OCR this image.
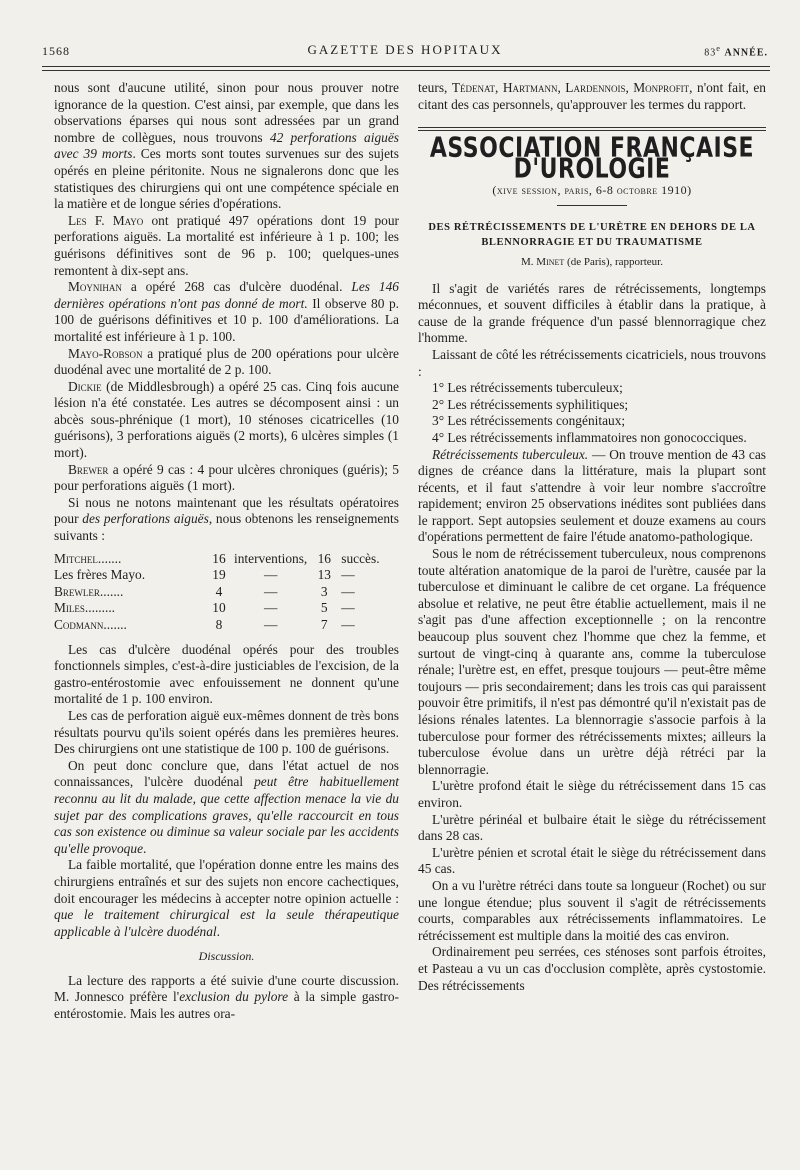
1568	GAZETTE DES HOPITAUX	83e ANNÉE.

nous sont d'aucune utilité, sinon pour nous prouver notre ignorance de la question. C'est ainsi, par exemple, que dans les observations éparses qui nous sont adressées par un grand nombre de collègues, nous trouvons 42 perforations aiguës avec 39 morts. Ces morts sont toutes survenues sur des sujets opérés en pleine péritonite. Nous ne signalerons donc que les statistiques des chirurgiens qui ont une compétence spéciale en la matière et de longue séries d'opérations.

Les F. Mayo ont pratiqué 497 opérations dont 19 pour perforations aiguës. La mortalité est inférieure à 1 p. 100; les guérisons définitives sont de 96 p. 100; quelques-unes remontent à dix-sept ans.

Moynihan a opéré 268 cas d'ulcère duodénal. Les 146 dernières opérations n'ont pas donné de mort. Il observe 80 p. 100 de guérisons définitives et 10 p. 100 d'améliorations. La mortalité est inférieure à 1 p. 100.

Mayo-Robson a pratiqué plus de 200 opérations pour ulcère duodénal avec une mortalité de 2 p. 100.

Dickie (de Middlesbrough) a opéré 25 cas. Cinq fois aucune lésion n'a été constatée. Les autres se décomposent ainsi : un abcès sous-phrénique (1 mort), 10 sténoses cicatricelles (10 guérisons), 3 perforations aiguës (2 morts), 6 ulcères simples (1 mort).

Brewer a opéré 9 cas : 4 pour ulcères chroniques (guéris); 5 pour perforations aiguës (1 mort).

Si nous ne notons maintenant que les résultats opératoires pour des perforations aiguës, nous obtenons les renseignements suivants :

Mitchel.......	16	interventions,	16	succès.
Les frères Mayo.	19	—	13	—
Brewler.......	4	—	3	—
Miles.........	10	—	5	—
Codmann.......	8	—	7	—

Les cas d'ulcère duodénal opérés pour des troubles fonctionnels simples, c'est-à-dire justiciables de l'excision, de la gastro-entérostomie avec enfouissement ne donnent qu'une mortalité de 1 p. 100 environ.

Les cas de perforation aiguë eux-mêmes donnent de très bons résultats pourvu qu'ils soient opérés dans les premières heures. Des chirurgiens ont une statistique de 100 p. 100 de guérisons.

On peut donc conclure que, dans l'état actuel de nos connaissances, l'ulcère duodénal peut être habituellement reconnu au lit du malade, que cette affection menace la vie du sujet par des complications graves, qu'elle raccourcit en tous cas son existence ou diminue sa valeur sociale par les accidents qu'elle provoque.

La faible mortalité, que l'opération donne entre les mains des chirurgiens entraînés et sur des sujets non encore cachectiques, doit encourager les médecins à accepter notre opinion actuelle : que le traitement chirurgical est la seule thérapeutique applicable à l'ulcère duodénal.

Discussion.

La lecture des rapports a été suivie d'une courte discussion. M. Jonnesco préfère l'exclusion du pylore à la simple gastro-entérostomie. Mais les autres ora-

teurs, Tédenat, Hartmann, Lardennois, Monprofit, n'ont fait, en citant des cas personnels, qu'approuver les termes du rapport.

ASSOCIATION FRANÇAISE D'UROLOGIE
(xive session, paris, 6-8 octobre 1910)
DES RÉTRÉCISSEMENTS DE L'URÈTRE EN DEHORS DE LA BLENNORRAGIE ET DU TRAUMATISME
M. Minet (de Paris), rapporteur.

Il s'agit de variétés rares de rétrécissements, longtemps méconnues, et souvent difficiles à établir dans la pratique, à cause de la grande fréquence d'un passé blennorragique chez l'homme.

Laissant de côté les rétrécissements cicatriciels, nous trouvons :

1° Les rétrécissements tuberculeux;

2° Les rétrécissements syphilitiques;

3° Les rétrécissements congénitaux;

4° Les rétrécissements inflammatoires non gonococciques.

Rétrécissements tuberculeux. — On trouve mention de 43 cas dignes de créance dans la littérature, mais la plupart sont récents, et il faut s'attendre à voir leur nombre s'accroître rapidement; environ 25 observations inédites sont publiées dans le rapport. Sept autopsies seulement et douze examens au cours d'opérations permettent de faire l'étude anatomo-pathologique.

Sous le nom de rétrécissement tuberculeux, nous comprenons toute altération anatomique de la paroi de l'urètre, causée par la tuberculose et diminuant le calibre de cet organe. La fréquence absolue et relative, ne peut être établie actuellement, mais il ne s'agit pas d'une affection exceptionnelle ; on la rencontre beaucoup plus souvent chez l'homme que chez la femme, et surtout de vingt-cinq à quarante ans, comme la tuberculose rénale; l'urètre est, en effet, presque toujours — peut-être même toujours — pris secondairement; dans les trois cas qui paraissent pouvoir être primitifs, il n'est pas démontré qu'il n'existait pas de lésions rénales latentes. La blennorragie s'associe parfois à la tuberculose pour former des rétrécissements mixtes; ailleurs la tuberculose évolue dans un urètre déjà rétréci par la blennorragie.

L'urètre profond était le siège du rétrécissement dans 15 cas environ.

L'urètre périnéal et bulbaire était le siège du rétrécissement dans 28 cas.

L'urètre pénien et scrotal était le siège du rétrécissement dans 45 cas.

On a vu l'urètre rétréci dans toute sa longueur (Rochet) ou sur une longue étendue; plus souvent il s'agit de rétrécissements courts, comparables aux rétrécissements inflammatoires. Le rétrécissement est multiple dans la moitié des cas environ.

Ordinairement peu serrées, ces sténoses sont parfois étroites, et Pasteau a vu un cas d'occlusion complète, après cystostomie. Des rétrécissements
